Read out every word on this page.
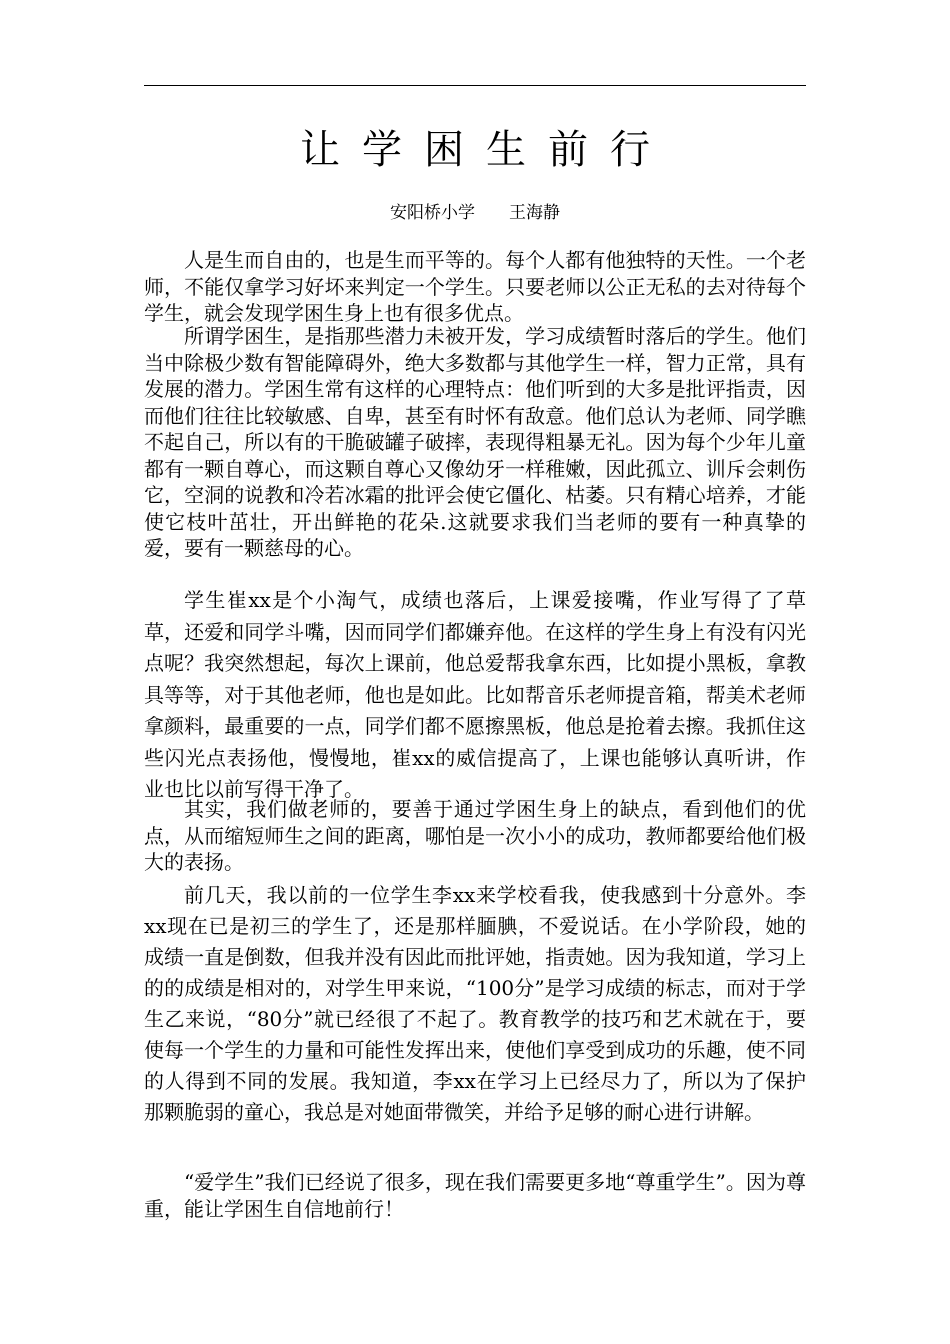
让学困生前行
安阳桥小学 王海静

人是生而自由的，也是生而平等的。每个人都有他独特的天性。一个老师，不能仅拿学习好坏来判定一个学生。只要老师以公正无私的去对待每个学生，就会发现学困生身上也有很多优点。

所谓学困生，是指那些潜力未被开发，学习成绩暂时落后的学生。他们当中除极少数有智能障碍外，绝大多数都与其他学生一样，智力正常，具有发展的潜力。学困生常有这样的心理特点：他们听到的大多是批评指责，因而他们往往比较敏感、自卑，甚至有时怀有敌意。他们总认为老师、同学瞧不起自己，所以有的干脆破罐子破摔，表现得粗暴无礼。因为每个少年儿童都有一颗自尊心，而这颗自尊心又像幼牙一样稚嫩，因此孤立、训斥会刺伤它，空洞的说教和冷若冰霜的批评会使它僵化、枯萎。只有精心培养，才能使它枝叶茁壮，开出鲜艳的花朵.这就要求我们当老师的要有一种真挚的爱，要有一颗慈母的心。

学生崔xx是个小淘气，成绩也落后，上课爱接嘴，作业写得了了草草，还爱和同学斗嘴，因而同学们都嫌弃他。在这样的学生身上有没有闪光点呢？我突然想起，每次上课前，他总爱帮我拿东西，比如提小黑板，拿教具等等，对于其他老师，他也是如此。比如帮音乐老师提音箱，帮美术老师拿颜料，最重要的一点，同学们都不愿擦黑板，他总是抢着去擦。我抓住这些闪光点表扬他，慢慢地，崔xx的威信提高了，上课也能够认真听讲，作业也比以前写得干净了。

其实，我们做老师的，要善于通过学困生身上的缺点，看到他们的优点，从而缩短师生之间的距离，哪怕是一次小小的成功，教师都要给他们极大的表扬。

前几天，我以前的一位学生李xx来学校看我，使我感到十分意外。李xx现在已是初三的学生了，还是那样腼腆，不爱说话。在小学阶段，她的成绩一直是倒数，但我并没有因此而批评她，指责她。因为我知道，学习上的的成绩是相对的，对学生甲来说，“100分”是学习成绩的标志，而对于学生乙来说，“80分”就已经很了不起了。教育教学的技巧和艺术就在于，要使每一个学生的力量和可能性发挥出来，使他们享受到成功的乐趣，使不同的人得到不同的发展。我知道，李xx在学习上已经尽力了，所以为了保护那颗脆弱的童心，我总是对她面带微笑，并给予足够的耐心进行讲解。

“爱学生”我们已经说了很多，现在我们需要更多地“尊重学生”。因为尊重，能让学困生自信地前行！
